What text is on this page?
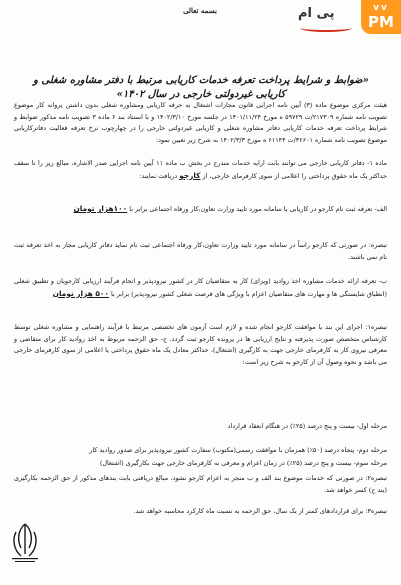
پی ام	vv
PM
بسمه تعالی
«ضوابط و شرایط پرداخت تعرفه خدمات کاریابی مرتبط با دفتر مشاوره شغلی و کاریابی غیردولتی خارجی در سال ۱۴۰۲»

هیئت مرکزی موضوع ماده (۳) آیین نامه اجرایی قانون مجازات اشتغال به حرفه کاریابی ومشاوره شغلی بدون داشتن پروانه کار موضوع تصویب نامه شماره ۲۱۷۳۰۹/ت ۵۹۷۲۹ ه مورخ ۱۴۰۱/۱۱/۲۴ در جلسه مورخ ۱۴۰۲/۳/۱۰ و با استناد بند ۶ ماده ۳ تصویب نامه مذکور ضوابط و شرایط پرداخت تعرفه خدمات کاریابی دفاتر مشاوره شغلی و کاریابی غیردولتی خارجی را در چهارچوب نرخ تعرفه فعالیت دفاترکاریابی موضوع تصویب نامه شماره ۳۶۶۰۱/ت ۶۱۱۴۴ ه مورخ ۱۴۰۲/۳/۳ به شرح زیر تعیین نمود:

ماده ۱- دفاتر کاریابی خارجی می توانند بابت ارایه خدمات مندرج در بخش ب ماده ۱۱ آیین نامه اجرایی صدر الاشاره، مبالغ زیر را تا سقف حداکثر یک ماه حقوق پرداختی را اعلامی از سوی کارفرمای خارجی، از کارجو دریافت نمایند:

الف- تعرفه ثبت نام کارجو در کاریابی یا سامانه مورد تایید وزارت تعاون،کار ورفاه اجتماعی برابر با ۱۰۰هزار تومان

تبصره: در صورتی که کارجو راساً در سامانه مورد تایید وزارت تعاون،کار ورفاه اجتماعی ثبت نام نماید دفاتر کاریابی مجاز به اخذ تعرفه ثبت نام نمی باشند.

ب- تعرفه ارائه خدمات مشاوره اخذ روادید (ویزای) کار به متقاضیان کار در کشور نیرودپذیر و انجام فرآیند ارزیابی کارجویان و تطبیق شغلی (انطباق شایستگی ها و مهارت های متقاضیان اعزام با ویژگی های فرصت شغلی کشور نیرودپذیر) برابر با ۵۰۰ هزار تومان

تبصره۱: اجرای این بند یا موافقت کارجو انجام شده و لازم است آزمون های تخصصی مرتبط با فرآیند راهنمایی و مشاوره شغلی توسط کارشناس متخصص صورت پذیرفته و نتایج ارزیابی ها در پرونده کارجو ثبت گردد. ج- حق الزحمه مربوط به اخذ روادید کار برای متقاضی و معرفی نیروی کار به کارفرمای خارجی جهت به کارگیری (اشتغال)، حداکثر معادل یک ماه حقوق پرداختی یا اعلامی از سوی کارفرمای خارجی می باشد و نحوه وصول آن از کارجو به شرح زیر است:

مرحله اول- بیست و پنج درصد (۲۵٪) در هنگام انعقاد قرارداد

مرحله دوم- پنجاه درصد (۵۰٪) همزمان با موافقت رسمی(مکتوب) سفارت کشور نیرودپذیر برای صدور روادید کار

مرحله سوم- بیست و پنج درصد (۲۵٪) در زمان اعزام و معرفی به کارفرمای خارجی جهت بکارگیری (اشتغال)

تبصره۲: در صورتی که خدمات موضوع بند الف و ب منجر به اعزام کارجو نشود، مبالغ دریافتی بابت بندهای مذکور از حق الزحمه بکارگیری (بند ج) کسر خواهد شد.

تبصره۳: برای قراردادهای کمتر از یک سال، حق الزحمه به نسبت ماه کارکرد محاسبه خواهد شد.
